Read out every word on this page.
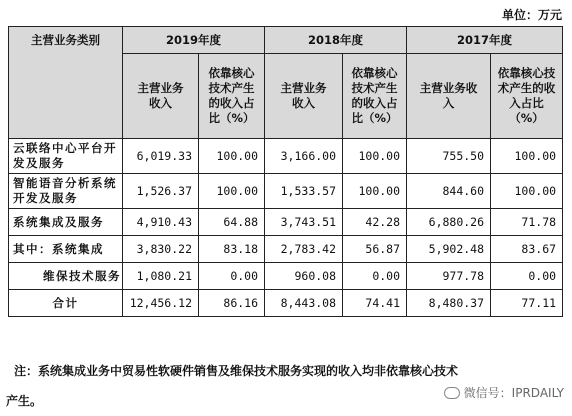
单位：万元
主营业务类别	2019年度		2018年度		2017年度	
	主营业务收入	依靠核心技术产生的收入占比（%）	主营业务收入	依靠核心技术产生的收入占比（%）	主营业务收入	依靠核心技术产生的收入占比（%）
云联络中心平台开发及服务	6,019.33	100.00	3,166.00	100.00	755.50	100.00
智能语音分析系统开发及服务	1,526.37	100.00	1,533.57	100.00	844.60	100.00
系统集成及服务	4,910.43	64.88	3,743.51	42.28	6,880.26	71.78
其中：系统集成	3,830.22	83.18	2,783.42	56.87	5,902.48	83.67
维保技术服务	1,080.21	0.00	960.08	0.00	977.78	0.00
合计	12,456.12	86.16	8,443.08	74.41	8,480.37	77.11
注：系统集成业务中贸易性软硬件销售及维保技术服务实现的收入均非依靠核心技术
产生。
微信号：IPRDAILY
